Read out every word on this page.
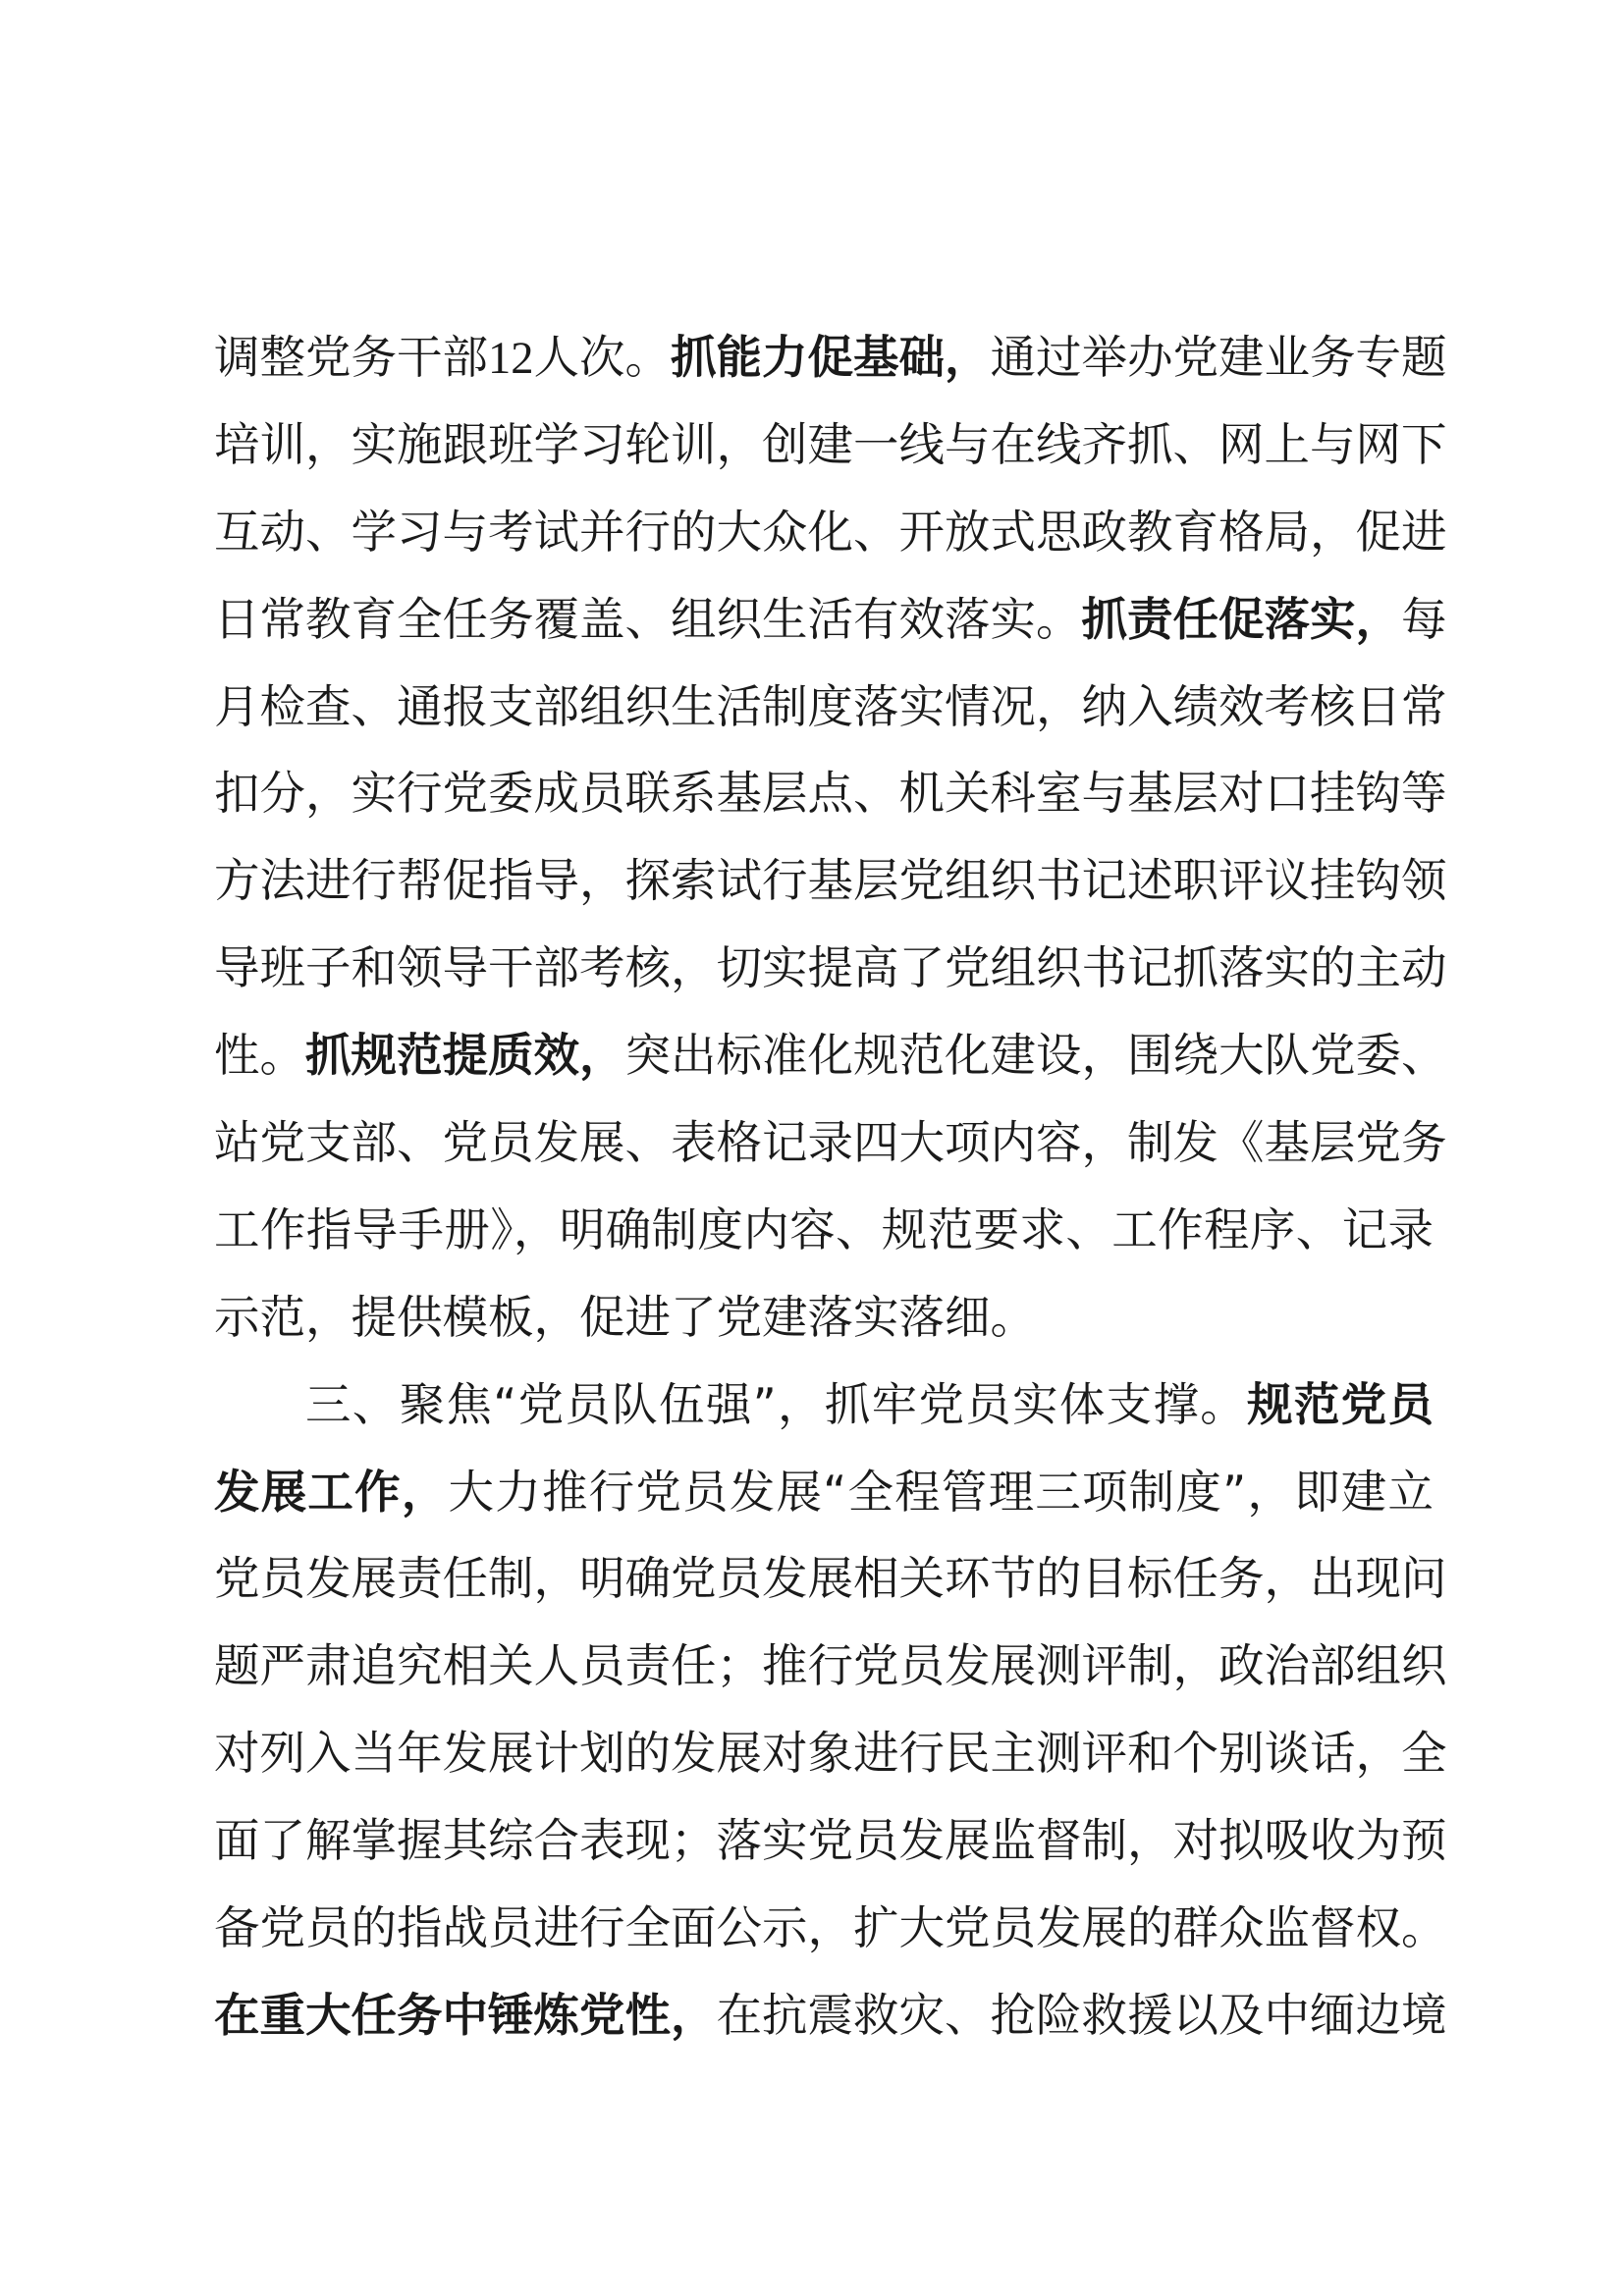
调整党务干部12人次。抓能力促基础，通过举办党建业务专题
培训，实施跟班学习轮训，创建一线与在线齐抓、网上与网下
互动、学习与考试并行的大众化、开放式思政教育格局，促进
日常教育全任务覆盖、组织生活有效落实。抓责任促落实，每
月检查、通报支部组织生活制度落实情况，纳入绩效考核日常
扣分，实行党委成员联系基层点、机关科室与基层对口挂钩等
方法进行帮促指导，探索试行基层党组织书记述职评议挂钩领
导班子和领导干部考核，切实提高了党组织书记抓落实的主动
性。抓规范提质效，突出标准化规范化建设，围绕大队党委、
站党支部、党员发展、表格记录四大项内容，制发《基层党务
工作指导手册》，明确制度内容、规范要求、工作程序、记录
示范，提供模板，促进了党建落实落细。
三、聚焦“党员队伍强”，抓牢党员实体支撑。规范党员
发展工作，大力推行党员发展“全程管理三项制度”，即建立
党员发展责任制，明确党员发展相关环节的目标任务，出现问
题严肃追究相关人员责任；推行党员发展测评制，政治部组织
对列入当年发展计划的发展对象进行民主测评和个别谈话，全
面了解掌握其综合表现；落实党员发展监督制，对拟吸收为预
备党员的指战员进行全面公示，扩大党员发展的群众监督权。
在重大任务中锤炼党性，在抗震救灾、抢险救援以及中缅边境
